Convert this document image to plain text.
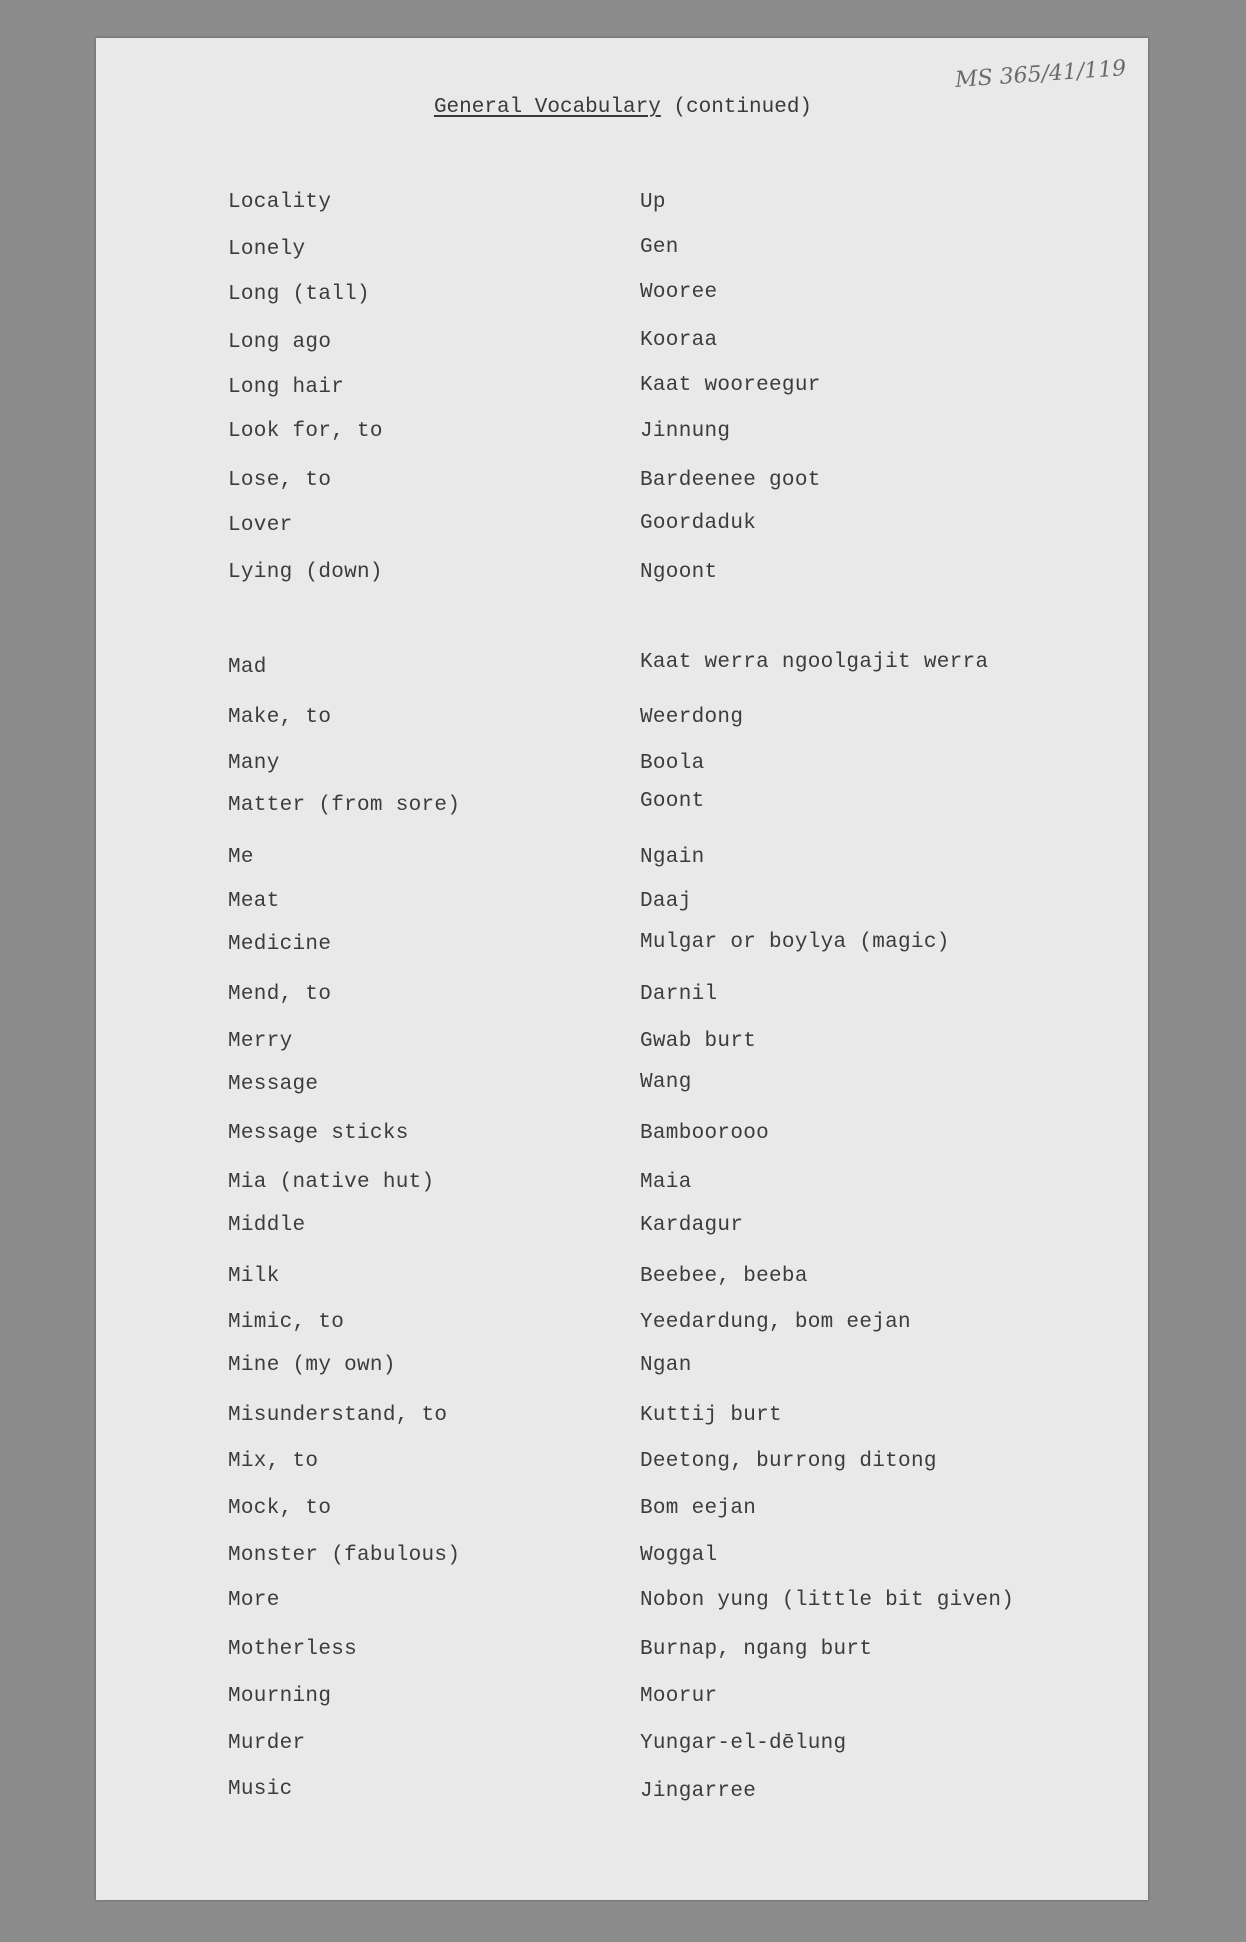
MS 365/41/119
General Vocabulary (continued)
Locality	Up
Lonely	Gen
Long (tall)	Wooree
Long ago	Kooraa
Long hair	Kaat wooreegur
Look for, to	Jinnung
Lose, to	Bardeenee goot
Lover	Goordaduk
Lying (down)	Ngoont
Mad	Kaat werra ngoolgajit werra
Make, to	Weerdong
Many	Boola
Matter (from sore)	Goont
Me	Ngain
Meat	Daaj
Medicine	Mulgar or boylya (magic)
Mend, to	Darnil
Merry	Gwab burt
Message	Wang
Message sticks	Bamboorooo
Mia (native hut)	Maia
Middle	Kardagur
Milk	Beebee, beeba
Mimic, to	Yeedardung, bom eejan
Mine (my own)	Ngan
Misunderstand, to	Kuttij burt
Mix, to	Deetong, burrong ditong
Mock, to	Bom eejan
Monster (fabulous)	Woggal
More	Nobon yung (little bit given)
Motherless	Burnap, ngang burt
Mourning	Moorur
Murder	Yungar-el-dēlung
Music	Jingarree
